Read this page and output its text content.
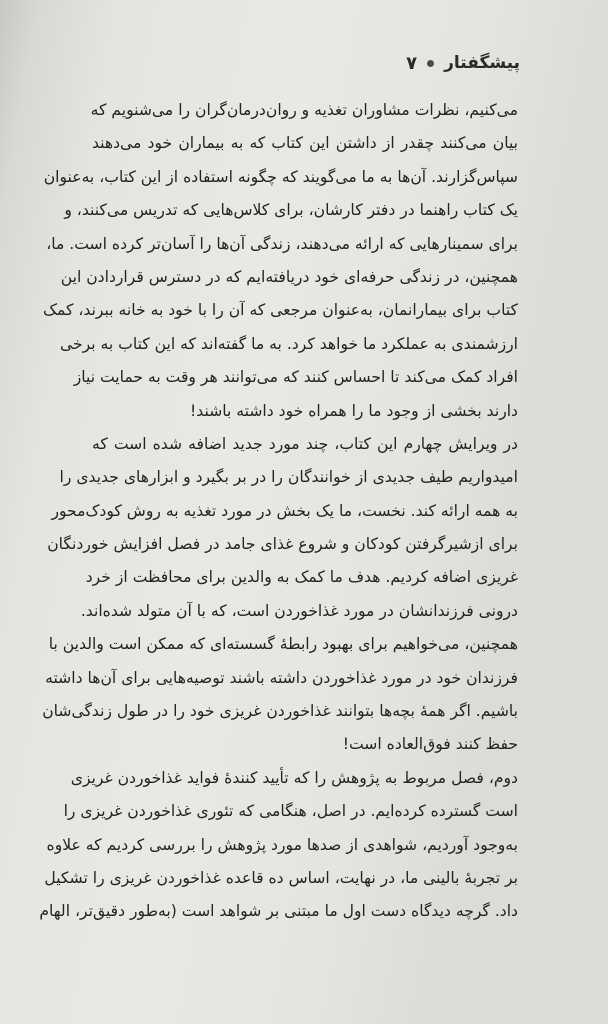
پیشگفتار
۷
می‌کنیم، نظرات مشاوران تغذیه و روان‌درمان‌گران را می‌شنویم که
بیان می‌کنند چقدر از داشتن این کتاب که به بیماران خود می‌دهند
سپاس‌گزارند. آن‌ها به ما می‌گویند که چگونه استفاده از این کتاب، به‌عنوان
یک کتاب راهنما در دفتر کارشان، برای کلاس‌هایی که تدریس می‌کنند، و
برای سمینارهایی که ارائه می‌دهند، زندگی آن‌ها را آسان‌تر کرده است. ما،
همچنین، در زندگی حرفه‌ای خود دریافته‌ایم که در دسترس قراردادن این
کتاب برای بیمارانمان، به‌عنوان مرجعی که آن را با خود به خانه ببرند، کمک
ارزشمندی به عملکرد ما خواهد کرد. به ما گفته‌اند که این کتاب به برخی
افراد کمک می‌کند تا احساس کنند که می‌توانند هر وقت به حمایت نیاز
دارند بخشی از وجود ما را همراه خود داشته باشند!
در ویرایش چهارم این کتاب، چند مورد جدید اضافه شده است که
امیدواریم طیف جدیدی از خوانندگان را در بر بگیرد و ابزارهای جدیدی را
به همه ارائه کند. نخست، ما یک بخش در مورد تغذیه به روش کودک‌محور
برای ازشیرگرفتن کودکان و شروع غذای جامد در فصل افزایش خوردنگان
غریزی اضافه کردیم. هدف ما کمک به والدین برای محافظت از خرد
درونی فرزندانشان در مورد غذاخوردن است، که با آن متولد شده‌اند.
همچنین، می‌خواهیم برای بهبود رابطهٔ گسسته‌ای که ممکن است والدین با
فرزندان خود در مورد غذاخوردن داشته باشند توصیه‌هایی برای آن‌ها داشته
باشیم. اگر همهٔ بچه‌ها بتوانند غذاخوردن غریزی خود را در طول زندگی‌شان
حفظ کنند فوق‌العاده است!
دوم، فصل مربوط به پژوهش را که تأیید کنندهٔ فواید غذاخوردن غریزی
است گسترده کرده‌ایم. در اصل، هنگامی که تئوری غذاخوردن غریزی را
به‌وجود آوردیم، شواهدی از صدها مورد پژوهش را بررسی کردیم که علاوه
بر تجربهٔ بالینی ما، در نهایت، اساس ده قاعده غذاخوردن غریزی را تشکیل
داد. گرچه دیدگاه دست اول ما مبتنی بر شواهد است (به‌طور دقیق‌تر، الهام
